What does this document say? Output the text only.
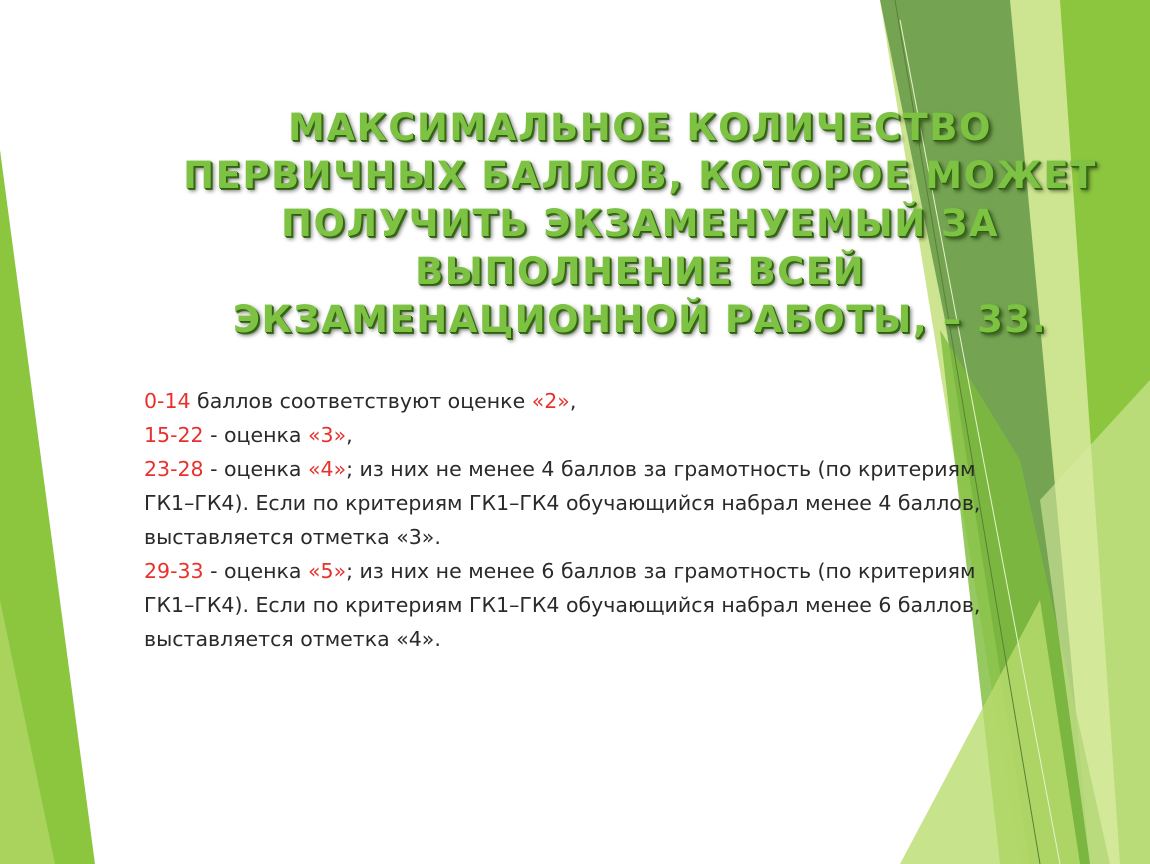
МАКСИМАЛЬНОЕ КОЛИЧЕСТВО ПЕРВИЧНЫХ БАЛЛОВ, КОТОРОЕ МОЖЕТ ПОЛУЧИТЬ ЭКЗАМЕНУЕМЫЙ ЗА ВЫПОЛНЕНИЕ ВСЕЙ ЭКЗАМЕНАЦИОННОЙ РАБОТЫ, – 33.

0-14 баллов соответствуют оценке «2»,
15-22 - оценка «3»,
23-28 - оценка «4»; из них не менее 4 баллов за грамотность (по критериям ГК1–ГК4). Если по критериям ГК1–ГК4 обучающийся набрал менее 4 баллов, выставляется отметка «3».
29-33 - оценка «5»; из них не менее 6 баллов за грамотность (по критериям ГК1–ГК4). Если по критериям ГК1–ГК4 обучающийся набрал менее 6 баллов, выставляется отметка «4».
